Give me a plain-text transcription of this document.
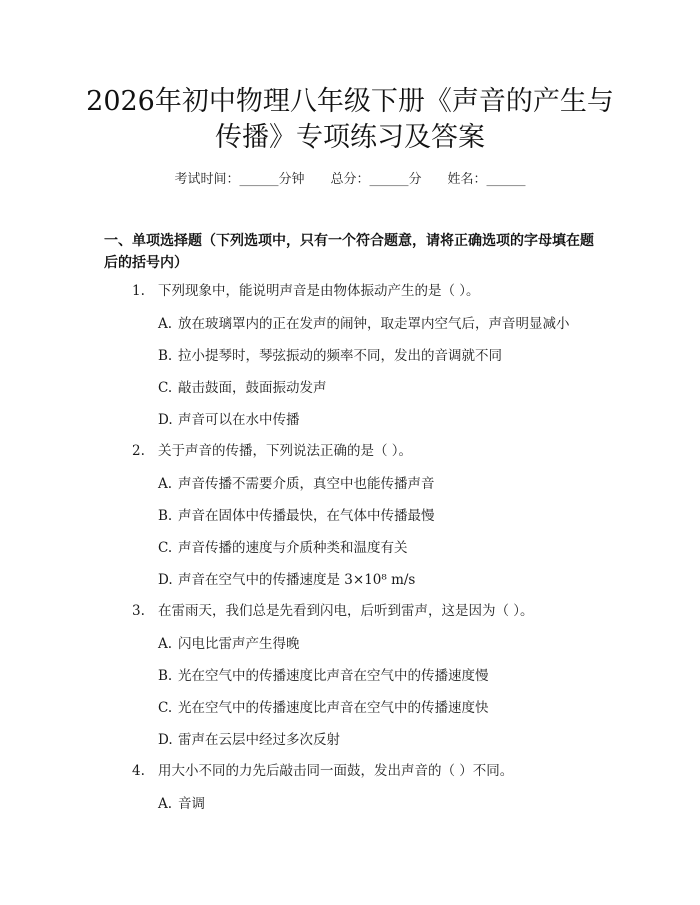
2026年初中物理八年级下册《声音的产生与
传播》专项练习及答案
考试时间：______分钟 总分：______分 姓名：______
一、单项选择题（下列选项中，只有一个符合题意，请将正确选项的字母填在题
后的括号内）
1. 下列现象中，能说明声音是由物体振动产生的是（ ）。
A. 放在玻璃罩内的正在发声的闹钟，取走罩内空气后，声音明显减小
B. 拉小提琴时，琴弦振动的频率不同，发出的音调就不同
C. 敲击鼓面，鼓面振动发声
D. 声音可以在水中传播
2. 关于声音的传播，下列说法正确的是（ ）。
A. 声音传播不需要介质，真空中也能传播声音
B. 声音在固体中传播最快，在气体中传播最慢
C. 声音传播的速度与介质种类和温度有关
D. 声音在空气中的传播速度是 3×10⁸ m/s
3. 在雷雨天，我们总是先看到闪电，后听到雷声，这是因为（ ）。
A. 闪电比雷声产生得晚
B. 光在空气中的传播速度比声音在空气中的传播速度慢
C. 光在空气中的传播速度比声音在空气中的传播速度快
D. 雷声在云层中经过多次反射
4. 用大小不同的力先后敲击同一面鼓，发出声音的（ ）不同。
A. 音调
